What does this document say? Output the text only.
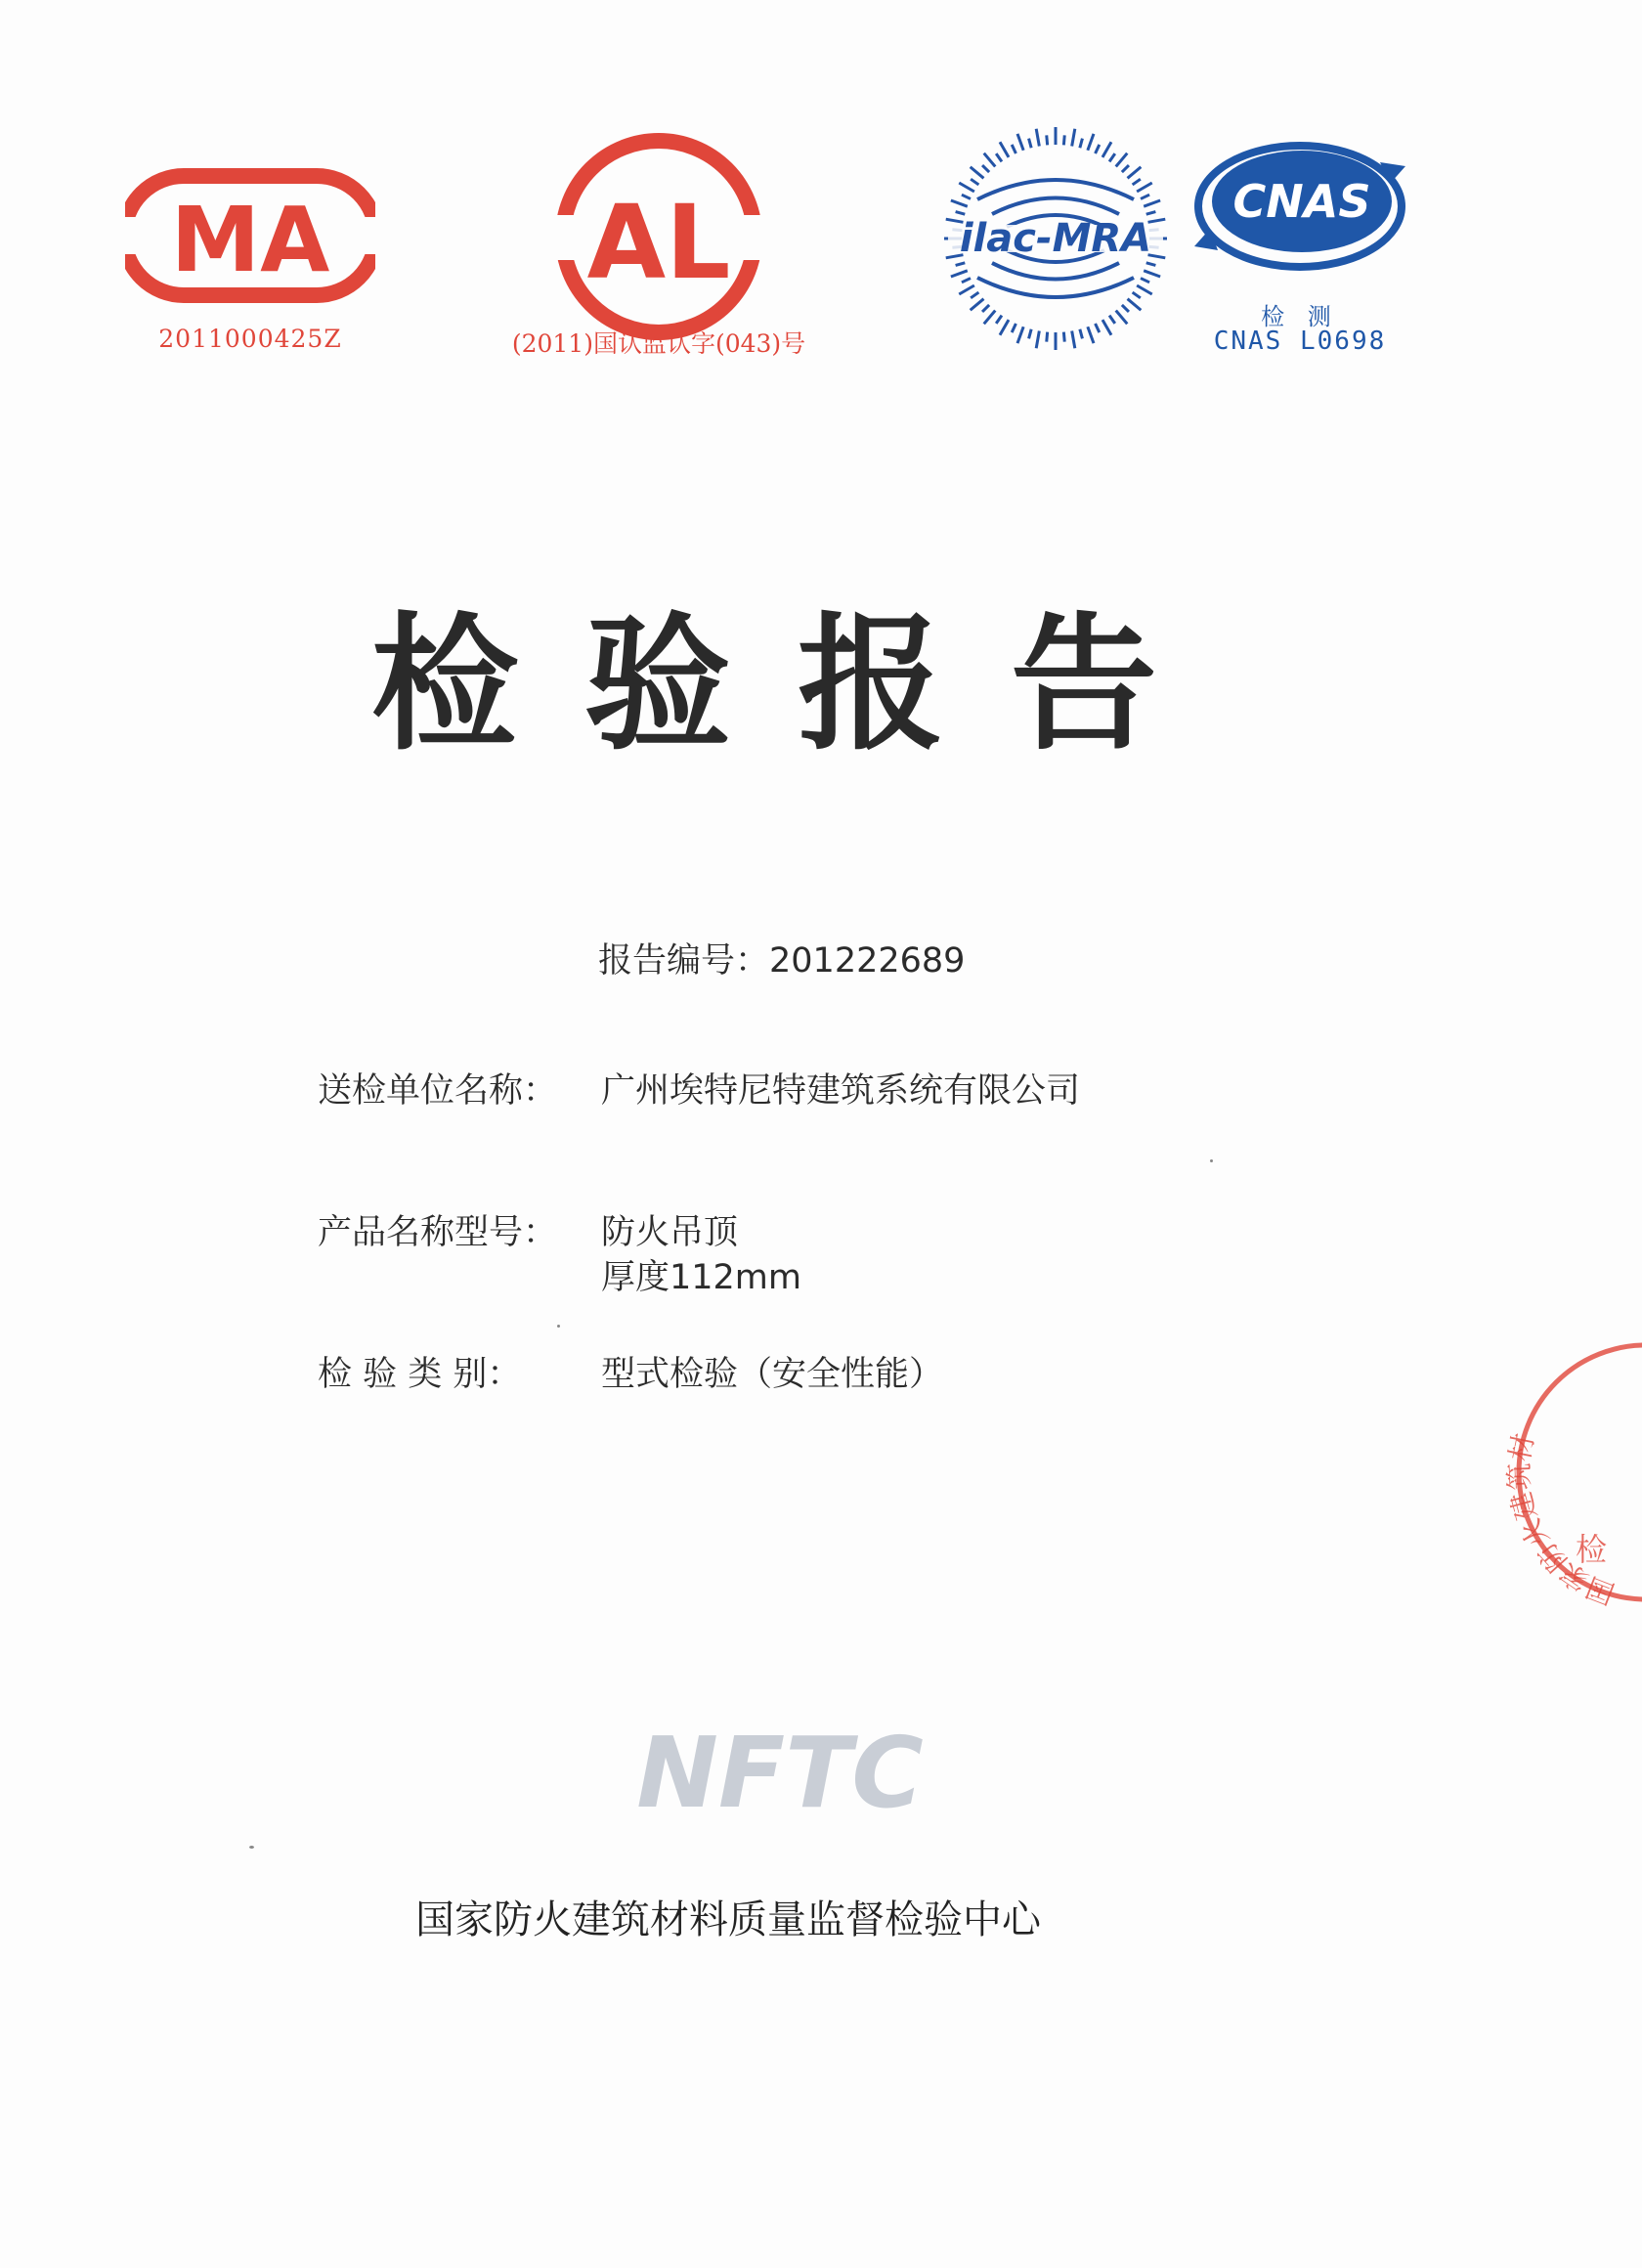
MA
2011000425Z
AL
(2011)国认监认字(043)号
ilac-MRA
CNAS
检 测
CNAS L0698
检验报告
报告编号：201222689
送检单位名称： 广州埃特尼特建筑系统有限公司
产品名称型号： 防火吊顶
厚度112mm
检 验 类 别： 型式检验（安全性能）
NFTC
国家防火建筑材料质量监督检验中心
国家防火建筑材
检
